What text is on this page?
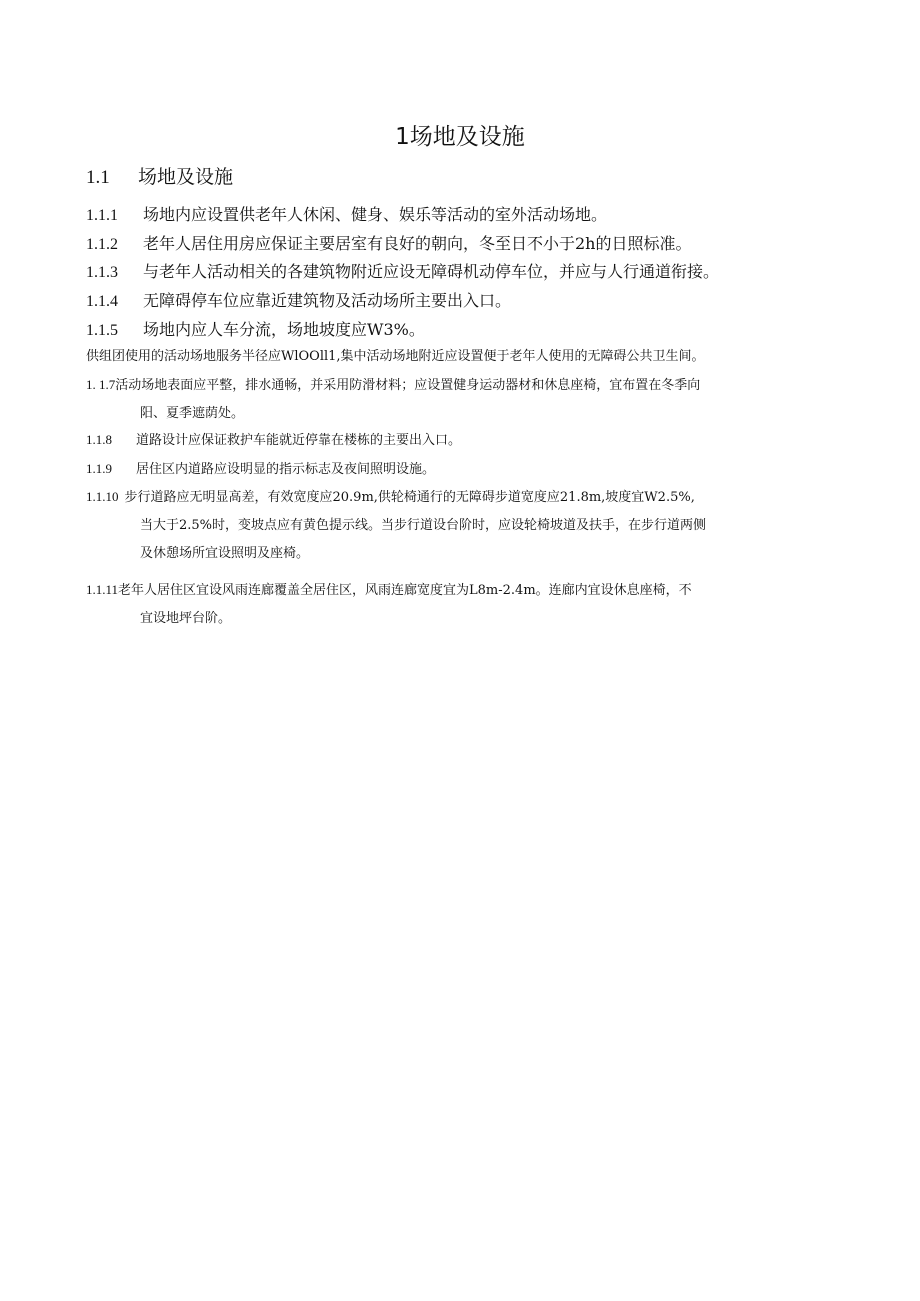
1场地及设施
1.1 场地及设施
1.1.1 场地内应设置供老年人休闲、健身、娱乐等活动的室外活动场地。
1.1.2 老年人居住用房应保证主要居室有良好的朝向，冬至日不小于2h的日照标准。
1.1.3 与老年人活动相关的各建筑物附近应设无障碍机动停车位，并应与人行通道衔接。
1.1.4 无障碍停车位应靠近建筑物及活动场所主要出入口。
1.1.5 场地内应人车分流，场地坡度应W3%。
供组团使用的活动场地服务半径应WlOOll1,集中活动场地附近应设置便于老年人使用的无障碍公共卫生间。
1. 1.7活动场地表面应平整，排水通畅，并采用防滑材料；应设置健身运动器材和休息座椅，宜布置在冬季向
阳、夏季遮荫处。
1.1.8 道路设计应保证救护车能就近停靠在楼栋的主要出入口。
1.1.9 居住区内道路应设明显的指示标志及夜间照明设施。
1.1.10 步行道路应无明显高差，有效宽度应20.9m,供轮椅通行的无障碍步道宽度应21.8m,坡度宜W2.5%,
当大于2.5%时，变坡点应有黄色提示线。当步行道设台阶时，应设轮椅坡道及扶手，在步行道两侧
及休憩场所宜设照明及座椅。
1.1.11老年人居住区宜设风雨连廊覆盖全居住区，风雨连廊宽度宜为L8m-2.4m。连廊内宜设休息座椅，不
宜设地坪台阶。
